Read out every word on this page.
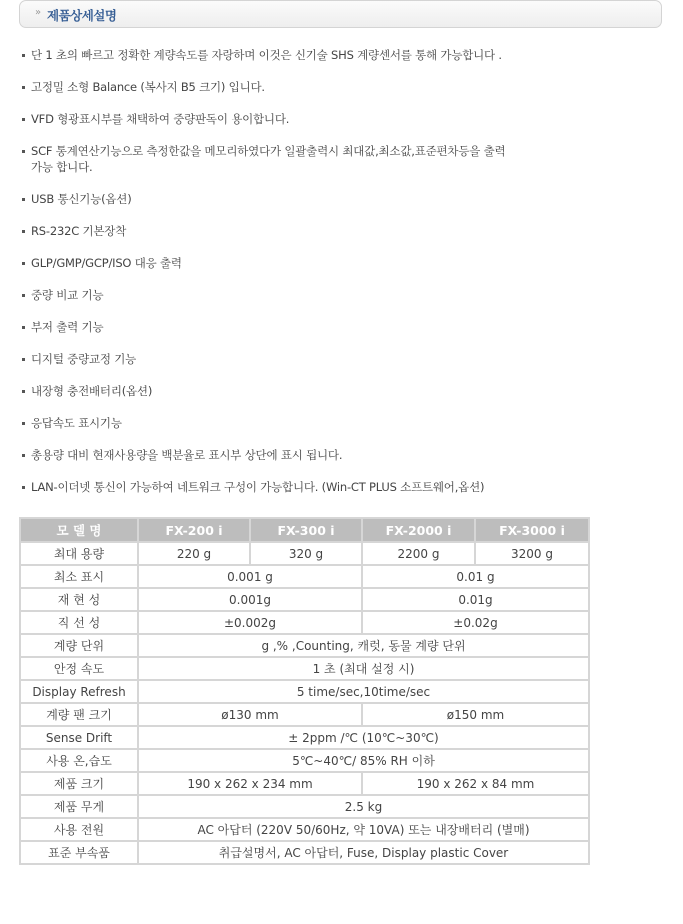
» 제품상세설명
단 1 초의 빠르고 정확한 계량속도를 자랑하며 이것은 신기술 SHS 계량센서를 통해 가능합니다 .
고정밀 소형 Balance (복사지 B5 크기) 입니다.
VFD 형광표시부를 채택하여 중량판독이 용이합니다.
SCF 통계연산기능으로 측정한값을 메모리하였다가 일괄출력시 최대값,최소값,표준편차등을 출력
가능 합니다.
USB 통신기능(옵션)
RS-232C 기본장착
GLP/GMP/GCP/ISO 대응 출력
중량 비교 기능
부저 출력 기능
디지털 중량교정 기능
내장형 충전배터리(옵션)
응답속도 표시기능
총용량 대비 현재사용량을 백분율로 표시부 상단에 표시 됩니다.
LAN-이더넷 통신이 가능하여 네트워크 구성이 가능합니다. (Win-CT PLUS 소프트웨어,옵션)
모 델 명	FX-200 i	FX-300 i	FX-2000 i	FX-3000 i
최대 용량	220 g	320 g	2200 g	3200 g
최소 표시	0.001 g		0.01 g	
재 현 성	0.001g		0.01g	
직 선 성	±0.002g		±0.02g	
계량 단위	g ,% ,Counting, 캐럿, 동물 계량 단위			
안정 속도	1 초 (최대 설정 시)			
Display Refresh	5 time/sec,10time/sec			
계량 팬 크기	ø130 mm		ø150 mm	
Sense Drift	± 2ppm /℃ (10℃~30℃)			
사용 온,습도	5℃~40℃/ 85% RH 이하			
제품 크기	190 x 262 x 234 mm		190 x 262 x 84 mm	
제품 무게	2.5 kg			
사용 전원	AC 아답터 (220V 50/60Hz, 약 10VA) 또는 내장배터리 (별매)			
표준 부속품	취급설명서, AC 아답터, Fuse, Display plastic Cover			
